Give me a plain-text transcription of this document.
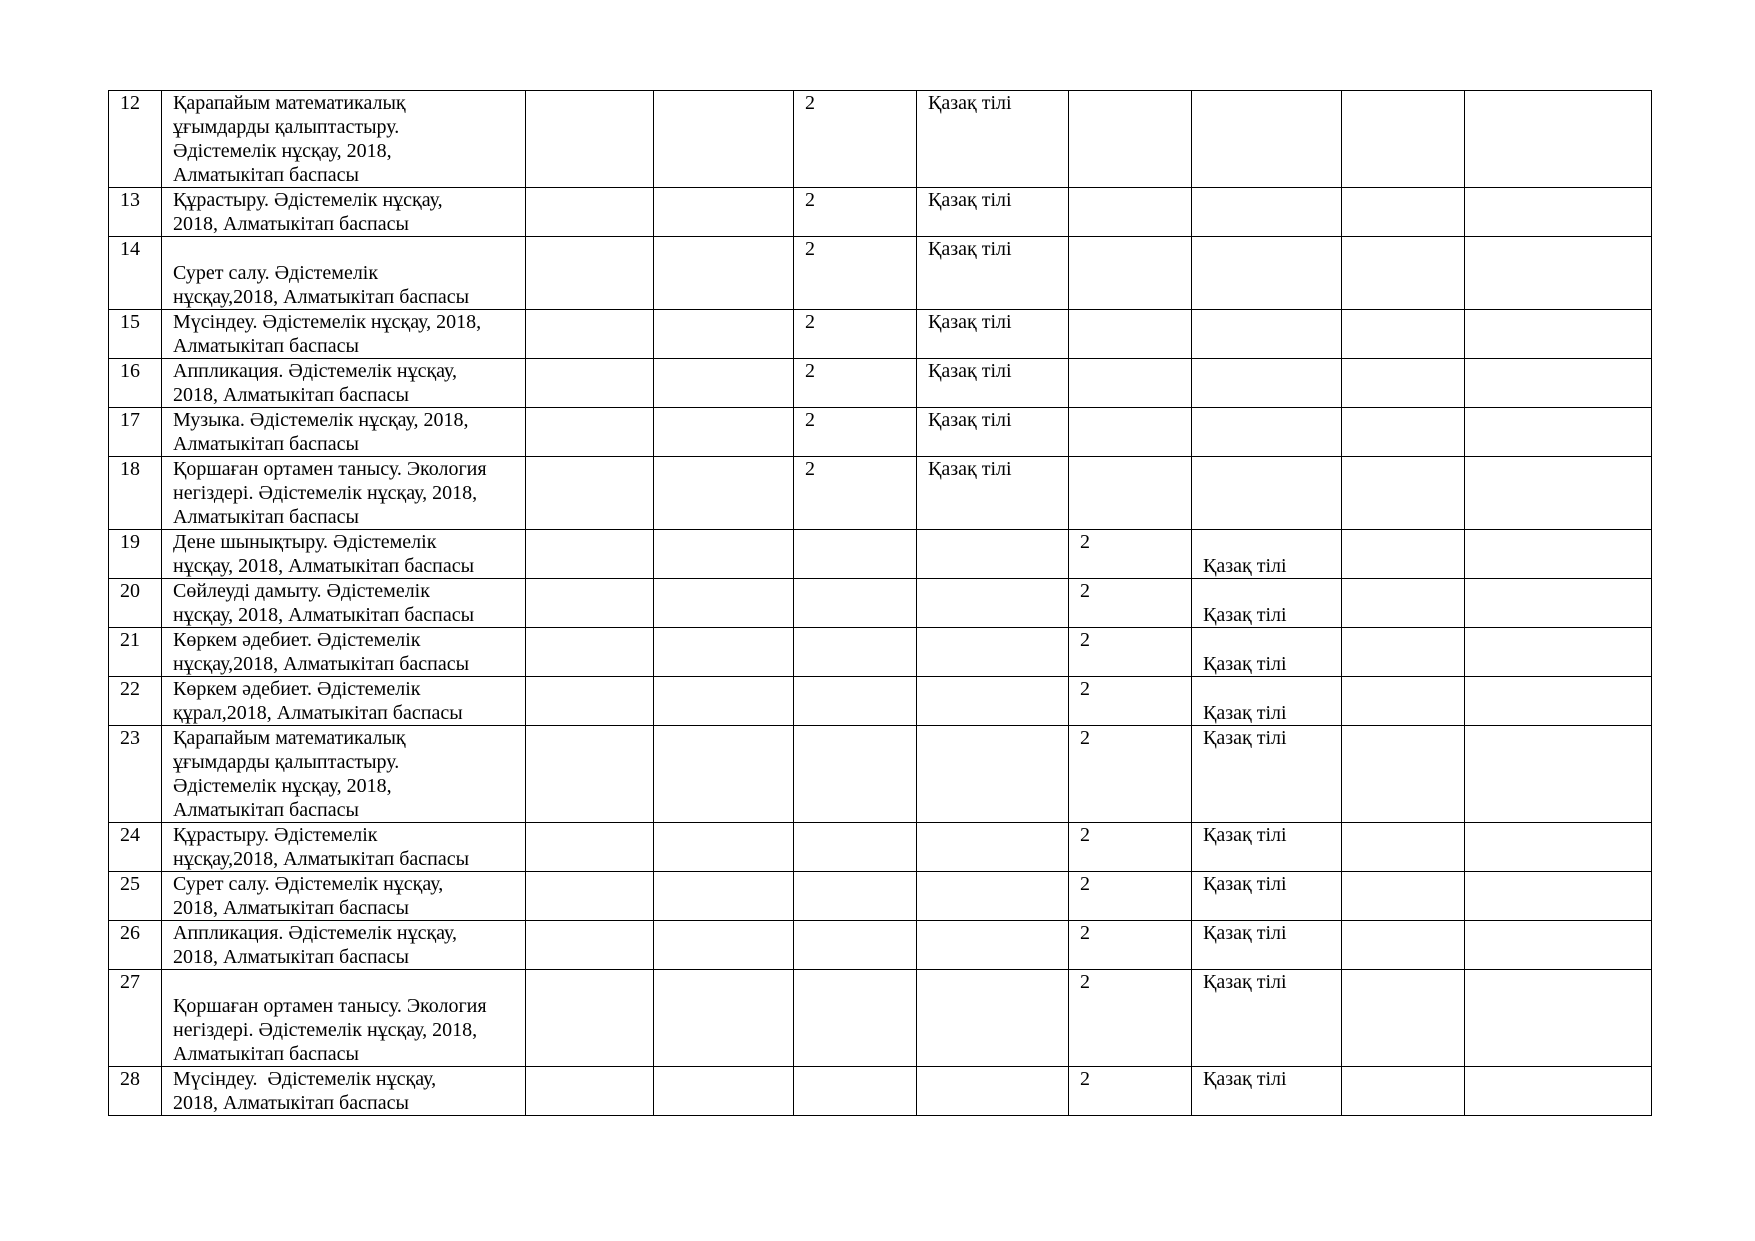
12	Қарапайым математикалық
ұғымдарды қалыптастыру.
Әдістемелік нұсқау, 2018,
Алматыкітап баспасы			2	Қазақ тілі				

13	Құрастыру. Әдістемелік нұсқау,
2018, Алматыкітап баспасы			2	Қазақ тілі				

14	
Сурет салу. Әдістемелік
нұсқау,2018, Алматыкітап баспасы			2	Қазақ тілі				

15	Мүсіндеу. Әдістемелік нұсқау, 2018,
Алматыкітап баспасы			2	Қазақ тілі				

16	Аппликация. Әдістемелік нұсқау,
2018, Алматыкітап баспасы			2	Қазақ тілі				

17	Музыка. Әдістемелік нұсқау, 2018,
Алматыкітап баспасы			2	Қазақ тілі				

18	Қоршаған ортамен танысу. Экология
негіздері. Әдістемелік нұсқау, 2018,
Алматыкітап баспасы			2	Қазақ тілі				

19	Дене шынықтыру. Әдістемелік
нұсқау, 2018, Алматыкітап баспасы					2	Қазақ тілі		

20	Сөйлеуді дамыту. Әдістемелік
нұсқау, 2018, Алматыкітап баспасы					2	Қазақ тілі		

21	Көркем әдебиет. Әдістемелік
нұсқау,2018, Алматыкітап баспасы					2	Қазақ тілі		

22	Көркем әдебиет. Әдістемелік
құрал,2018, Алматыкітап баспасы					2	Қазақ тілі		

23	Қарапайым математикалық
ұғымдарды қалыптастыру.
Әдістемелік нұсқау, 2018,
Алматыкітап баспасы					2	Қазақ тілі		

24	Құрастыру. Әдістемелік
нұсқау,2018, Алматыкітап баспасы					2	Қазақ тілі		

25	Сурет салу. Әдістемелік нұсқау,
2018, Алматыкітап баспасы					2	Қазақ тілі		

26	Аппликация. Әдістемелік нұсқау,
2018, Алматыкітап баспасы					2	Қазақ тілі		

27	
Қоршаған ортамен танысу. Экология
негіздері. Әдістемелік нұсқау, 2018,
Алматыкітап баспасы					2	Қазақ тілі		

28	Мүсіндеу.  Әдістемелік нұсқау,
2018, Алматыкітап баспасы					2	Қазақ тілі		
